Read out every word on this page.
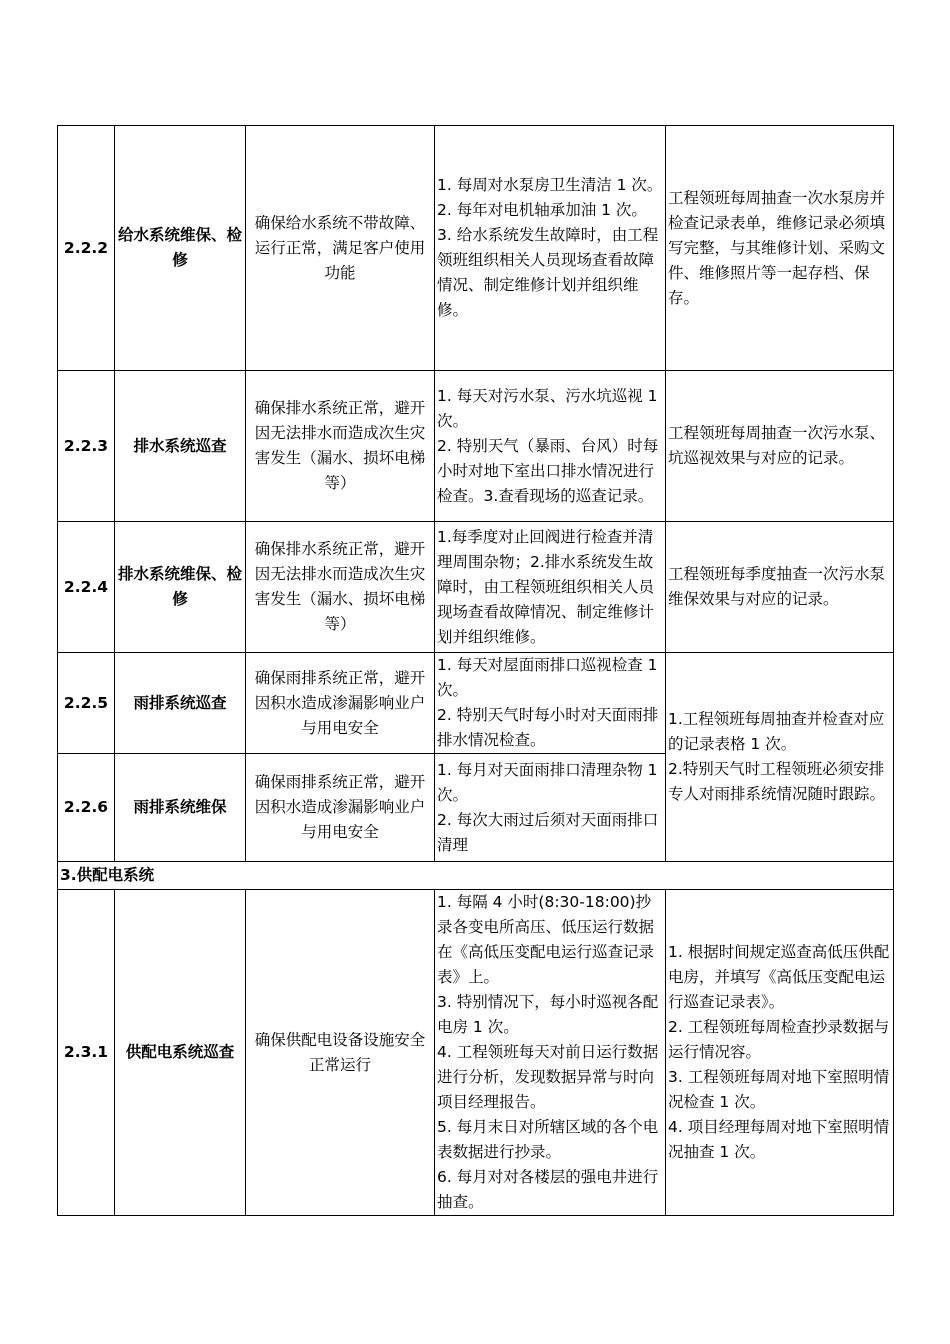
2.2.2	给水系统维保、检修	确保给水系统不带故障、运行正常，满足客户使用功能	1. 每周对水泵房卫生清洁 1 次。
2. 每年对电机轴承加油 1 次。
3. 给水系统发生故障时，由工程领班组织相关人员现场查看故障情况、制定维修计划并组织维修。	工程领班每周抽查一次水泵房并检查记录表单，维修记录必须填写完整，与其维修计划、采购文件、维修照片等一起存档、保存。

2.2.3	排水系统巡查	确保排水系统正常，避开因无法排水而造成次生灾害发生（漏水、损坏电梯等）	1. 每天对污水泵、污水坑巡视 1 次。
2. 特别天气（暴雨、台风）时每小时对地下室出口排水情况进行检查。3.查看现场的巡查记录。	工程领班每周抽查一次污水泵、坑巡视效果与对应的记录。

2.2.4	排水系统维保、检修	确保排水系统正常，避开因无法排水而造成次生灾害发生（漏水、损坏电梯等）	1.每季度对止回阀进行检查并清理周围杂物；2.排水系统发生故障时，由工程领班组织相关人员现场查看故障情况、制定维修计划并组织维修。	工程领班每季度抽查一次污水泵维保效果与对应的记录。

2.2.5	雨排系统巡查	确保雨排系统正常，避开因积水造成渗漏影响业户与用电安全	1. 每天对屋面雨排口巡视检查 1 次。
2. 特别天气时每小时对天面雨排排水情况检查。	1.工程领班每周抽查并检查对应的记录表格 1 次。
2.特别天气时工程领班必须安排专人对雨排系统情况随时跟踪。

2.2.6	雨排系统维保	确保雨排系统正常，避开因积水造成渗漏影响业户与用电安全	1. 每月对天面雨排口清理杂物 1 次。
2. 每次大雨过后须对天面雨排口清理	

3.供配电系统				
2.3.1	供配电系统巡查	确保供配电设备设施安全正常运行	1. 每隔 4 小时(8:30-18:00)抄录各变电所高压、低压运行数据在《高低压变配电运行巡查记录表》上。
3. 特别情况下，每小时巡视各配电房 1 次。
4. 工程领班每天对前日运行数据进行分析，发现数据异常与时向项目经理报告。
5. 每月末日对所辖区域的各个电表数据进行抄录。
6. 每月对对各楼层的强电井进行抽查。	1. 根据时间规定巡查高低压供配电房，并填写《高低压变配电运行巡查记录表》。
2. 工程领班每周检查抄录数据与运行情况容。
3. 工程领班每周对地下室照明情况检查 1 次。
4. 项目经理每周对地下室照明情况抽查 1 次。
